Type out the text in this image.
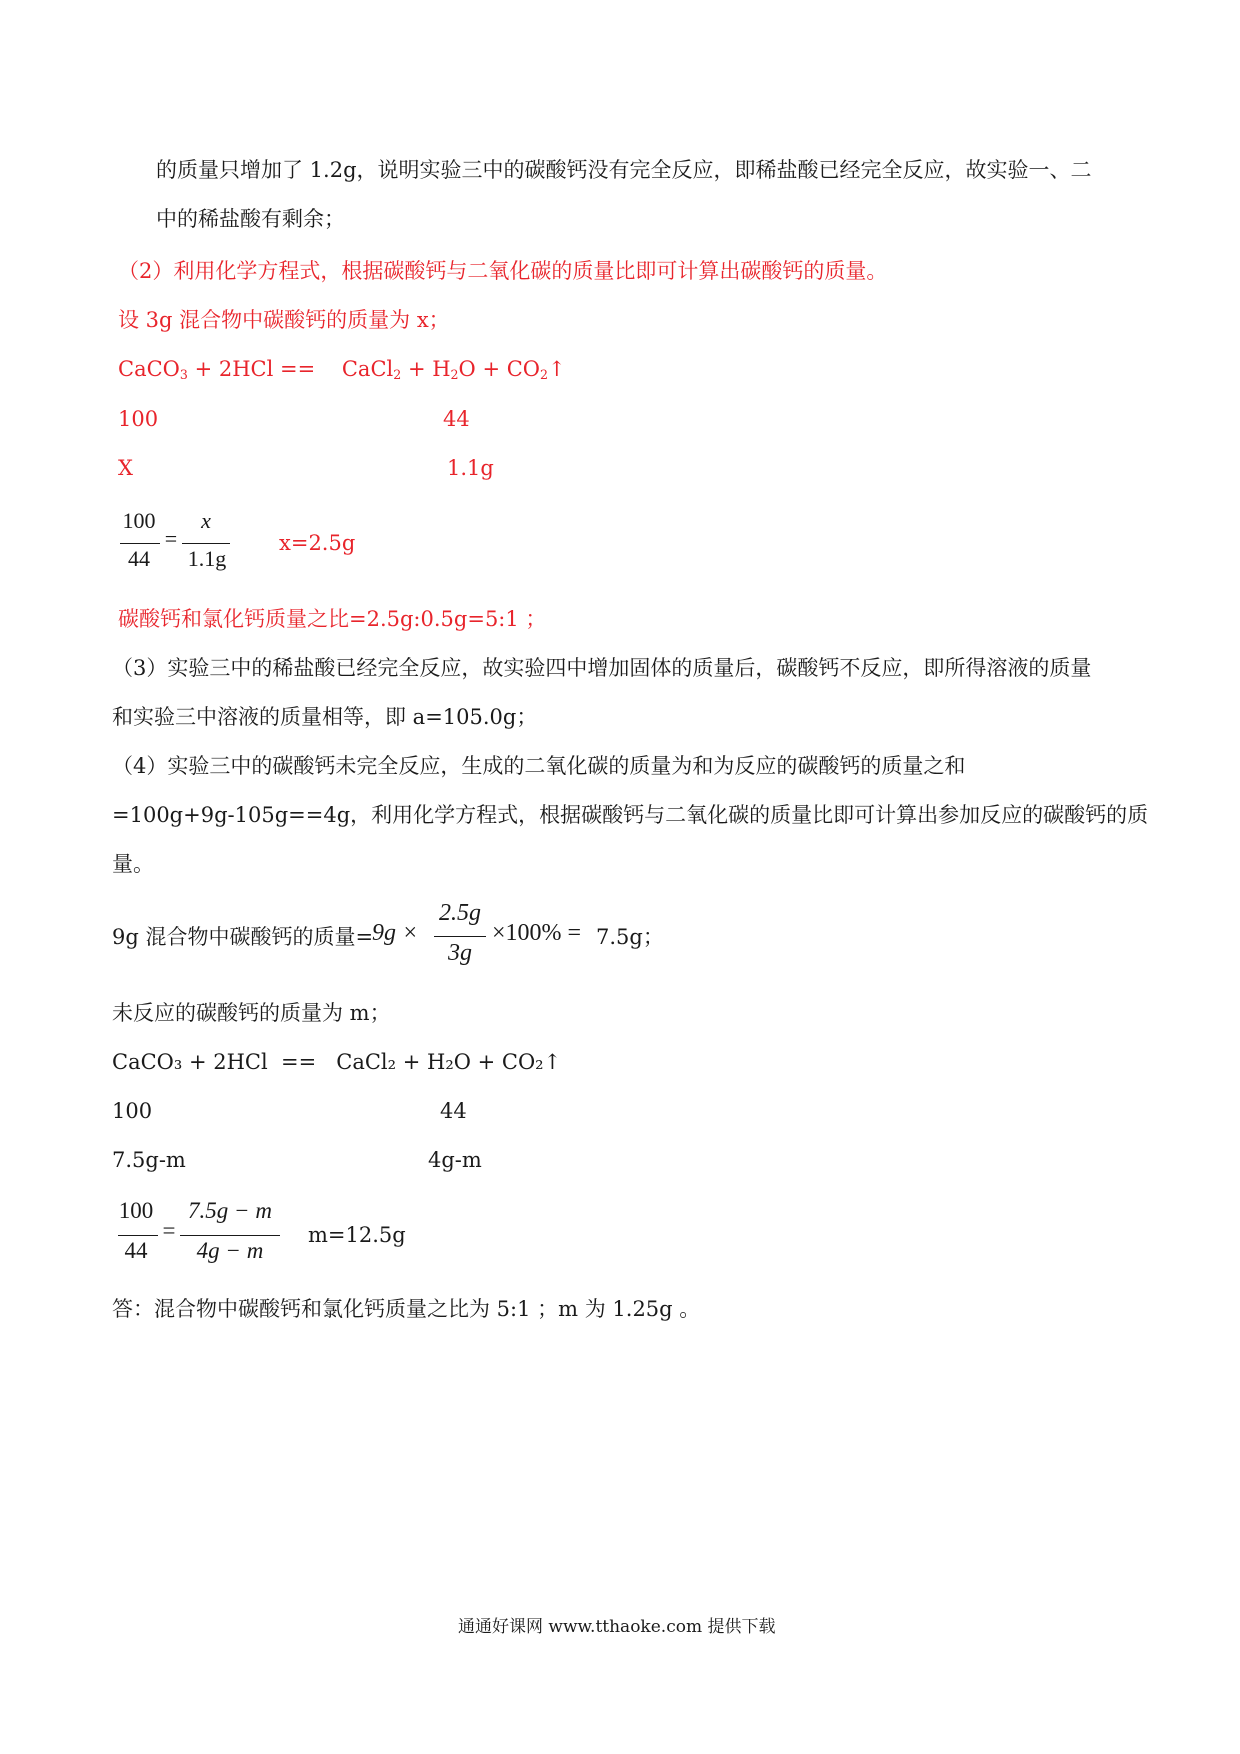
的质量只增加了 1.2g，说明实验三中的碳酸钙没有完全反应，即稀盐酸已经完全反应，故实验一、二
中的稀盐酸有剩余；
（2）利用化学方程式，根据碳酸钙与二氧化碳的质量比即可计算出碳酸钙的质量。
设 3g 混合物中碳酸钙的质量为 x；
CaCO$_3$ + 2HCl ==    CaCl$_2$ + $H_2O$ + $CO_2↑$
100	44
X	1.1g
100
44
=
x
1.1g
x=2.5g
碳酸钙和氯化钙质量之比=2.5g:0.5g=5:1 ；
（3）实验三中的稀盐酸已经完全反应，故实验四中增加固体的质量后，碳酸钙不反应，即所得溶液的质量
和实验三中溶液的质量相等，即 a=105.0g；
（4）实验三中的碳酸钙未完全反应，生成的二氧化碳的质量为和为反应的碳酸钙的质量之和
=100g+9g-105g==4g，利用化学方程式，根据碳酸钙与二氧化碳的质量比即可计算出参加反应的碳酸钙的质
量。
9g 混合物中碳酸钙的质量=
9g ×
2.5g
3g
×100% = 7.5g；
未反应的碳酸钙的质量为 m；
CaCO₃ + 2HCl  ==   CaCl₂ + H₂O + CO₂↑
100	44
7.5g-m	4g-m
100
44
=
7.5g − m
4g − m
m=12.5g
答：混合物中碳酸钙和氯化钙质量之比为 5:1 ；m 为 1.25g 。
通通好课网 www.tthaoke.com 提供下载
